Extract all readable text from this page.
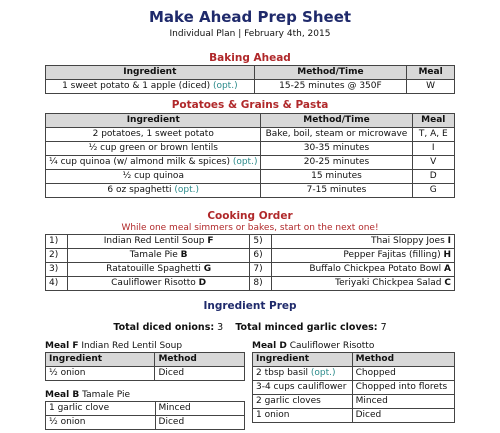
Make Ahead Prep Sheet
Individual Plan | February 4th, 2015
Baking Ahead
Ingredient	Method/Time	Meal
1 sweet potato & 1 apple (diced) (opt.)	15-25 minutes @ 350F	W
Potatoes & Grains & Pasta
Ingredient	Method/Time	Meal
2 potatoes, 1 sweet potato	Bake, boil, steam or microwave	T, A, E
½ cup green or brown lentils	30-35 minutes	I
¼ cup quinoa (w/ almond milk & spices) (opt.)	20-25 minutes	V
½ cup quinoa	15 minutes	D
6 oz spaghetti (opt.)	7-15 minutes	G
Cooking Order
While one meal simmers or bakes, start on the next one!
1)	Indian Red Lentil Soup F	5)	Thai Sloppy Joes I
2)	Tamale Pie B	6)	Pepper Fajitas (filling) H
3)	Ratatouille Spaghetti G	7)	Buffalo Chickpea Potato Bowl A
4)	Cauliflower Risotto D	8)	Teriyaki Chickpea Salad C
Ingredient Prep
Total diced onions: 3 Total minced garlic cloves: 7
Meal F Indian Red Lentil Soup
Ingredient	Method
½ onion	Diced
Meal B Tamale Pie
1 garlic clove	Minced
½ onion	Diced
Meal D Cauliflower Risotto
Ingredient	Method
2 tbsp basil (opt.)	Chopped
3-4 cups cauliflower	Chopped into florets
2 garlic cloves	Minced
1 onion	Diced
